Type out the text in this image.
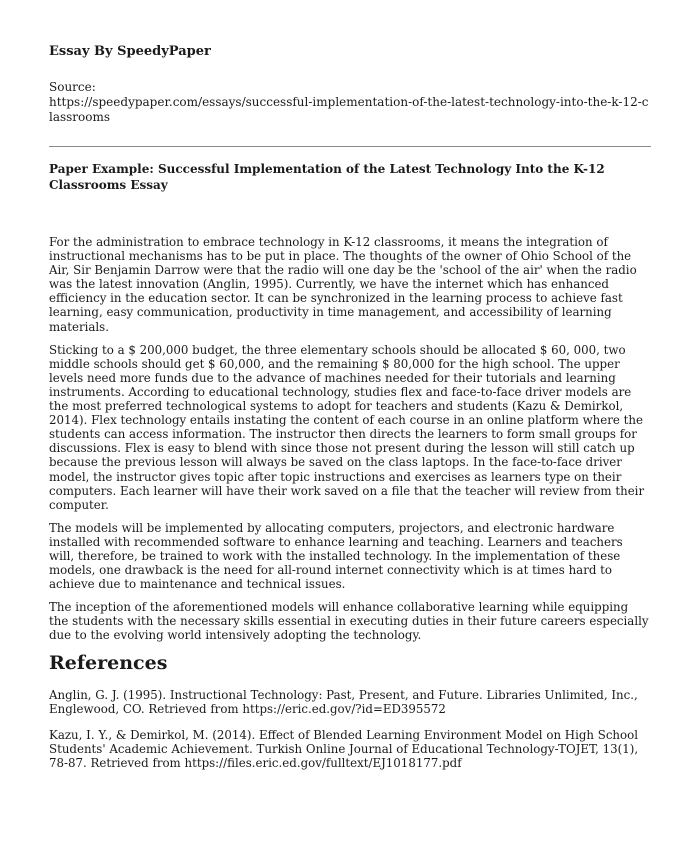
Essay By SpeedyPaper
Source:
https://speedypaper.com/essays/successful-implementation-of-the-latest-technology-into-the-k-12-classrooms
Paper Example: Successful Implementation of the Latest Technology Into the K-12 Classrooms Essay

For the administration to embrace technology in K-12 classrooms, it means the integration of instructional mechanisms has to be put in place. The thoughts of the owner of Ohio School of the Air, Sir Benjamin Darrow were that the radio will one day be the 'school of the air' when the radio was the latest innovation (Anglin, 1995). Currently, we have the internet which has enhanced efficiency in the education sector. It can be synchronized in the learning process to achieve fast learning, easy communication, productivity in time management, and accessibility of learning materials.

Sticking to a $ 200,000 budget, the three elementary schools should be allocated $ 60, 000, two middle schools should get $ 60,000, and the remaining $ 80,000 for the high school. The upper levels need more funds due to the advance of machines needed for their tutorials and learning instruments. According to educational technology, studies flex and face-to-face driver models are the most preferred technological systems to adopt for teachers and students (Kazu & Demirkol, 2014). Flex technology entails instating the content of each course in an online platform where the students can access information. The instructor then directs the learners to form small groups for discussions. Flex is easy to blend with since those not present during the lesson will still catch up because the previous lesson will always be saved on the class laptops. In the face-to-face driver model, the instructor gives topic after topic instructions and exercises as learners type on their computers. Each learner will have their work saved on a file that the teacher will review from their computer.

The models will be implemented by allocating computers, projectors, and electronic hardware installed with recommended software to enhance learning and teaching. Learners and teachers will, therefore, be trained to work with the installed technology. In the implementation of these models, one drawback is the need for all-round internet connectivity which is at times hard to achieve due to maintenance and technical issues.

The inception of the aforementioned models will enhance collaborative learning while equipping the students with the necessary skills essential in executing duties in their future careers especially due to the evolving world intensively adopting the technology.

References

Anglin, G. J. (1995). Instructional Technology: Past, Present, and Future. Libraries Unlimited, Inc., Englewood, CO. Retrieved from https://eric.ed.gov/?id=ED395572

Kazu, I. Y., & Demirkol, M. (2014). Effect of Blended Learning Environment Model on High School Students' Academic Achievement. Turkish Online Journal of Educational Technology-TOJET, 13(1), 78-87. Retrieved from https://files.eric.ed.gov/fulltext/EJ1018177.pdf
